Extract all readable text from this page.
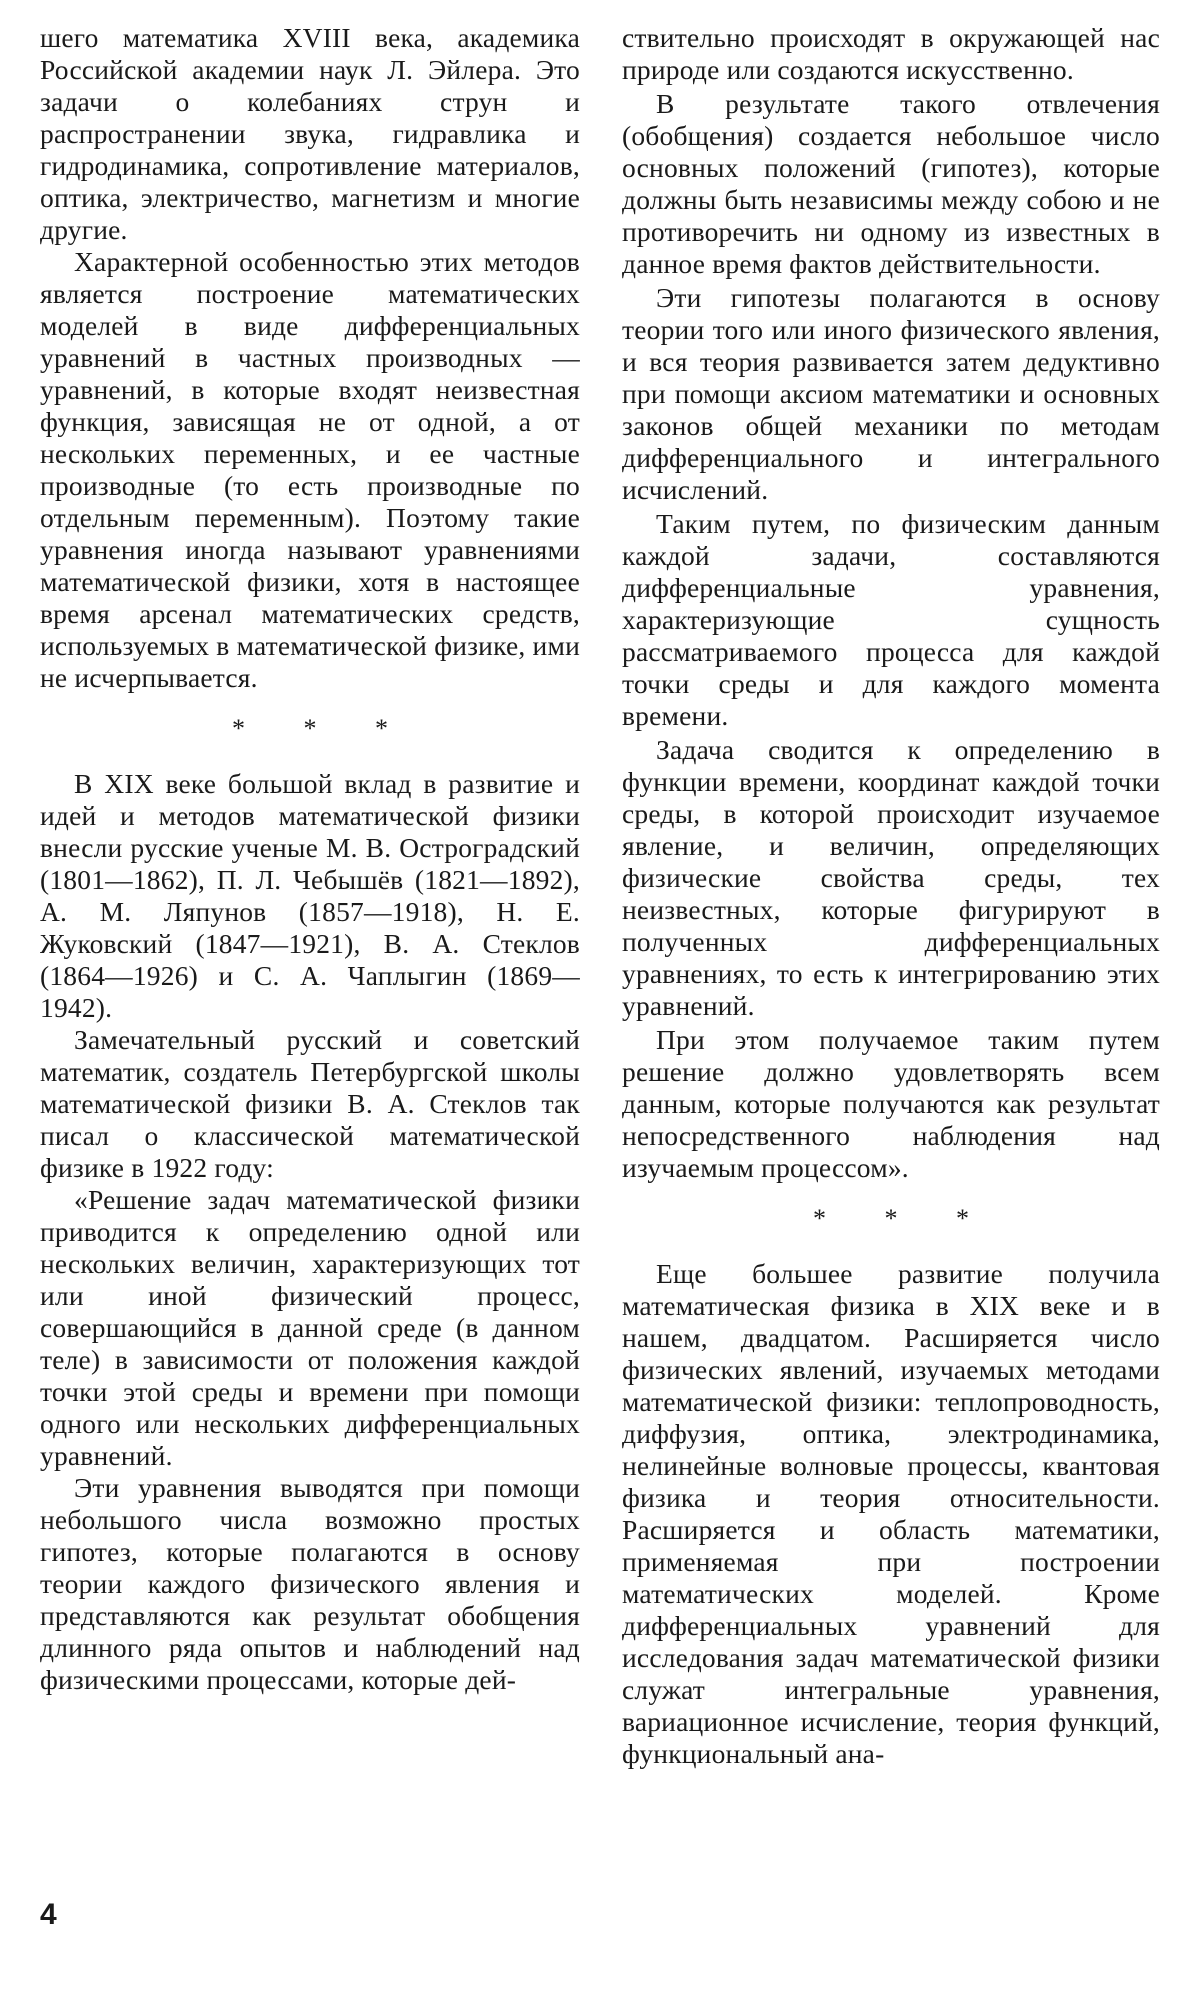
шего математика XVIII века, академика Российской академии наук Л. Эйлера. Это задачи о колебаниях струн и распространении звука, гидравлика и гидродинамика, сопротивление материалов, оптика, электричество, магнетизм и многие другие.

Характерной особенностью этих методов является построение математических моделей в виде дифференциальных уравнений в частных производных — уравнений, в которые входят неизвестная функция, зависящая не от одной, а от нескольких переменных, и ее частные производные (то есть производные по отдельным переменным). Поэтому такие уравнения иногда называют уравнениями математической физики, хотя в настоящее время арсенал математических средств, используемых в математической физике, ими не исчерпывается.

* * *

В XIX веке большой вклад в развитие и идей и методов математической физики внесли русские ученые М. В. Остроградский (1801—1862), П. Л. Чебышёв (1821—1892), А. М. Ляпунов (1857—1918), Н. Е. Жуковский (1847—1921), В. А. Стеклов (1864—1926) и С. А. Чаплыгин (1869—1942).

Замечательный русский и советский математик, создатель Петербургской школы математической физики В. А. Стеклов так писал о классической математической физике в 1922 году:

«Решение задач математической физики приводится к определению одной или нескольких величин, характеризующих тот или иной физический процесс, совершающийся в данной среде (в данном теле) в зависимости от положения каждой точки этой среды и времени при помощи одного или нескольких дифференциальных уравнений.

Эти уравнения выводятся при помощи небольшого числа возможно простых гипотез, которые полагаются в основу теории каждого физического явления и представляются как результат обобщения длинного ряда опытов и наблюдений над физическими процессами, которые дей-

ствительно происходят в окружающей нас природе или создаются искусственно.

В результате такого отвлечения (обобщения) создается небольшое число основных положений (гипотез), которые должны быть независимы между собою и не противоречить ни одному из известных в данное время фактов действительности.

Эти гипотезы полагаются в основу теории того или иного физического явления, и вся теория развивается затем дедуктивно при помощи аксиом математики и основных законов общей механики по методам дифференциального и интегрального исчислений.

Таким путем, по физическим данным каждой задачи, составляются дифференциальные уравнения, характеризующие сущность рассматриваемого процесса для каждой точки среды и для каждого момента времени.

Задача сводится к определению в функции времени, координат каждой точки среды, в которой происходит изучаемое явление, и величин, определяющих физические свойства среды, тех неизвестных, которые фигурируют в полученных дифференциальных уравнениях, то есть к интегрированию этих уравнений.

При этом получаемое таким путем решение должно удовлетворять всем данным, которые получаются как результат непосредственного наблюдения над изучаемым процессом».

* * *

Еще большее развитие получила математическая физика в XIX веке и в нашем, двадцатом. Расширяется число физических явлений, изучаемых методами математической физики: теплопроводность, диффузия, оптика, электродинамика, нелинейные волновые процессы, квантовая физика и теория относительности. Расширяется и область математики, применяемая при построении математических моделей. Кроме дифференциальных уравнений для исследования задач математической физики служат интегральные уравнения, вариационное исчисление, теория функций, функциональный ана-

4
